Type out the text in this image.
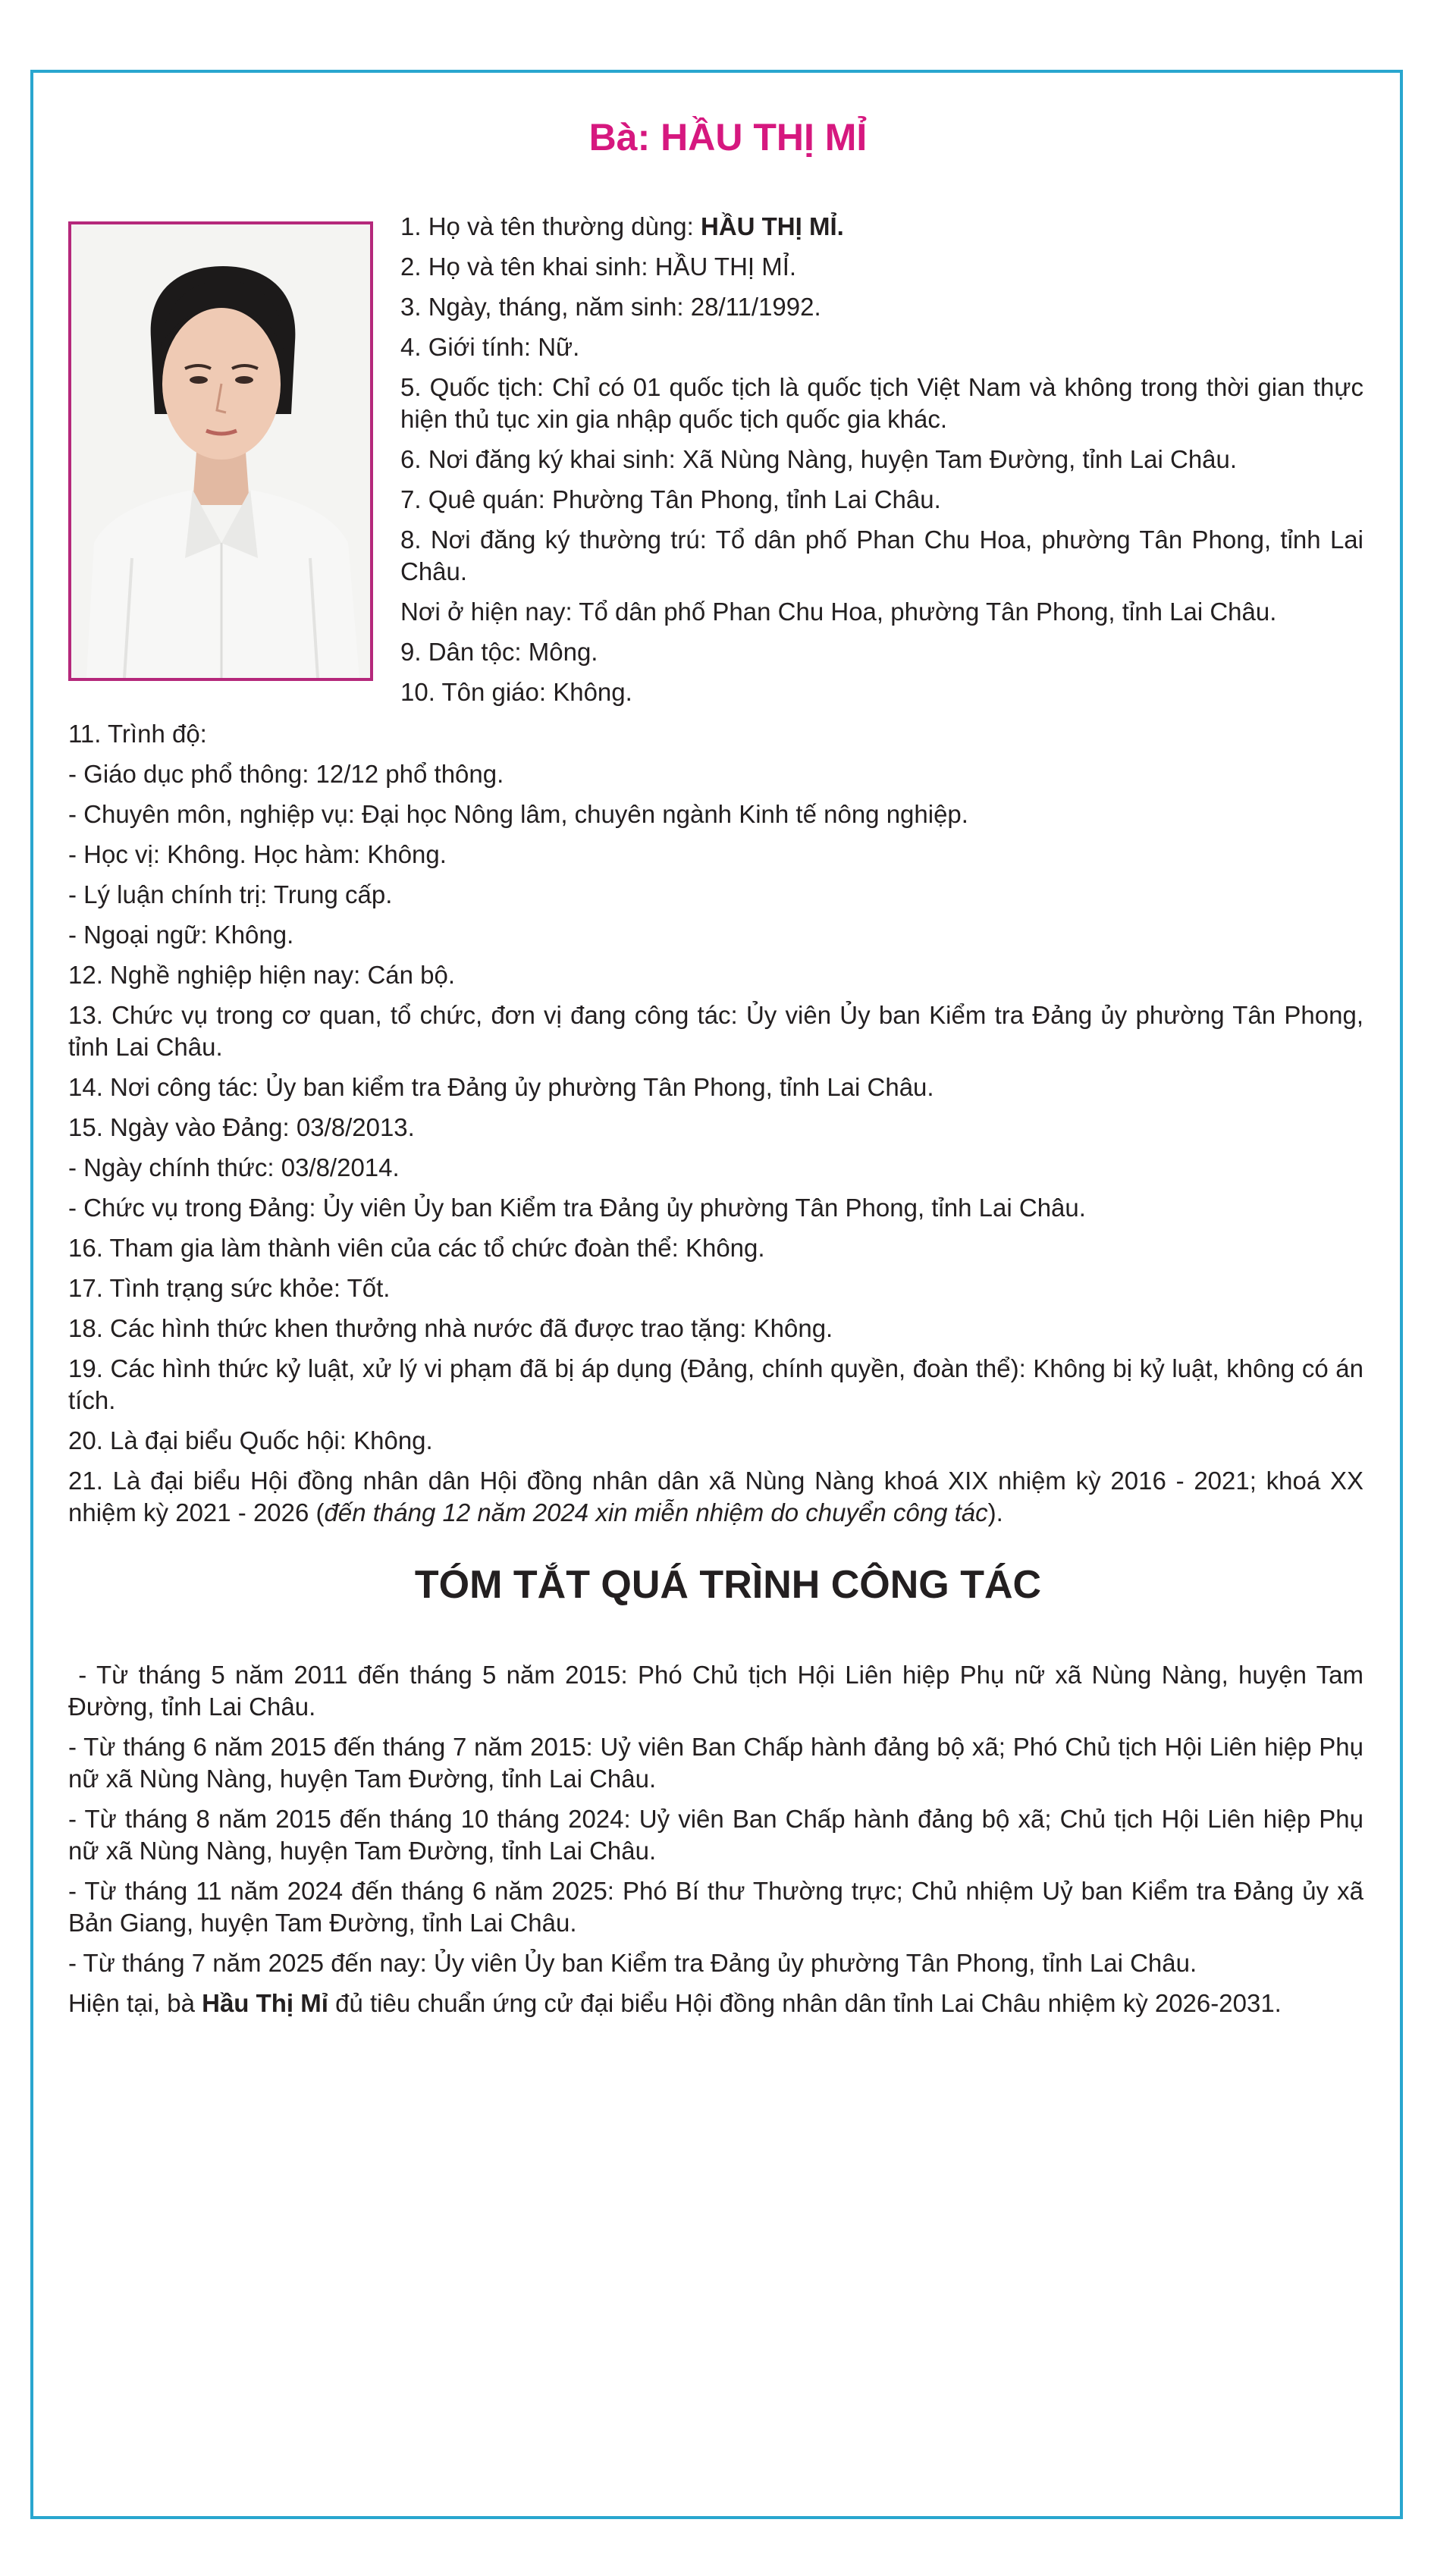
Bà: HẦU THỊ MỈ
1. Họ và tên thường dùng: HẦU THỊ MỈ.
2. Họ và tên khai sinh: HẦU THỊ MỈ.
3. Ngày, tháng, năm sinh: 28/11/1992.
4. Giới tính: Nữ.
5. Quốc tịch: Chỉ có 01 quốc tịch là quốc tịch Việt Nam và không trong thời gian thực hiện thủ tục xin gia nhập quốc tịch quốc gia khác.
6. Nơi đăng ký khai sinh: Xã Nùng Nàng, huyện Tam Đường, tỉnh Lai Châu.
7. Quê quán: Phường Tân Phong, tỉnh Lai Châu.
8. Nơi đăng ký thường trú: Tổ dân phố Phan Chu Hoa, phường Tân Phong, tỉnh Lai Châu.
Nơi ở hiện nay: Tổ dân phố Phan Chu Hoa, phường Tân Phong, tỉnh Lai Châu.
9. Dân tộc: Mông.
10. Tôn giáo: Không.
11. Trình độ:
- Giáo dục phổ thông: 12/12 phổ thông.
- Chuyên môn, nghiệp vụ: Đại học Nông lâm, chuyên ngành Kinh tế nông nghiệp.
- Học vị: Không. Học hàm: Không.
- Lý luận chính trị: Trung cấp.
- Ngoại ngữ: Không.
12. Nghề nghiệp hiện nay: Cán bộ.
13. Chức vụ trong cơ quan, tổ chức, đơn vị đang công tác: Ủy viên Ủy ban Kiểm tra Đảng ủy phường Tân Phong, tỉnh Lai Châu.
14. Nơi công tác: Ủy ban kiểm tra Đảng ủy phường Tân Phong, tỉnh Lai Châu.
15. Ngày vào Đảng: 03/8/2013.
- Ngày chính thức: 03/8/2014.
- Chức vụ trong Đảng: Ủy viên Ủy ban Kiểm tra Đảng ủy phường Tân Phong, tỉnh Lai Châu.
16. Tham gia làm thành viên của các tổ chức đoàn thể: Không.
17. Tình trạng sức khỏe: Tốt.
18. Các hình thức khen thưởng nhà nước đã được trao tặng: Không.
19. Các hình thức kỷ luật, xử lý vi phạm đã bị áp dụng (Đảng, chính quyền, đoàn thể): Không bị kỷ luật, không có án tích.
20. Là đại biểu Quốc hội: Không.
21. Là đại biểu Hội đồng nhân dân Hội đồng nhân dân xã Nùng Nàng khoá XIX nhiệm kỳ 2016 - 2021; khoá XX nhiệm kỳ 2021 - 2026 (đến tháng 12 năm 2024 xin miễn nhiệm do chuyển công tác).
TÓM TẮT QUÁ TRÌNH CÔNG TÁC
- Từ tháng 5 năm 2011 đến tháng 5 năm 2015: Phó Chủ tịch Hội Liên hiệp Phụ nữ xã Nùng Nàng, huyện Tam Đường, tỉnh Lai Châu.
- Từ tháng 6 năm 2015 đến tháng 7 năm 2015: Uỷ viên Ban Chấp hành đảng bộ xã; Phó Chủ tịch Hội Liên hiệp Phụ nữ xã Nùng Nàng, huyện Tam Đường, tỉnh Lai Châu.
- Từ tháng 8 năm 2015 đến tháng 10 tháng 2024: Uỷ viên Ban Chấp hành đảng bộ xã; Chủ tịch Hội Liên hiệp Phụ nữ xã Nùng Nàng, huyện Tam Đường, tỉnh Lai Châu.
- Từ tháng 11 năm 2024 đến tháng 6 năm 2025: Phó Bí thư Thường trực; Chủ nhiệm Uỷ ban Kiểm tra Đảng ủy xã Bản Giang, huyện Tam Đường, tỉnh Lai Châu.
- Từ tháng 7 năm 2025 đến nay: Ủy viên Ủy ban Kiểm tra Đảng ủy phường Tân Phong, tỉnh Lai Châu.
Hiện tại, bà Hầu Thị Mỉ đủ tiêu chuẩn ứng cử đại biểu Hội đồng nhân dân tỉnh Lai Châu nhiệm kỳ 2026-2031.
